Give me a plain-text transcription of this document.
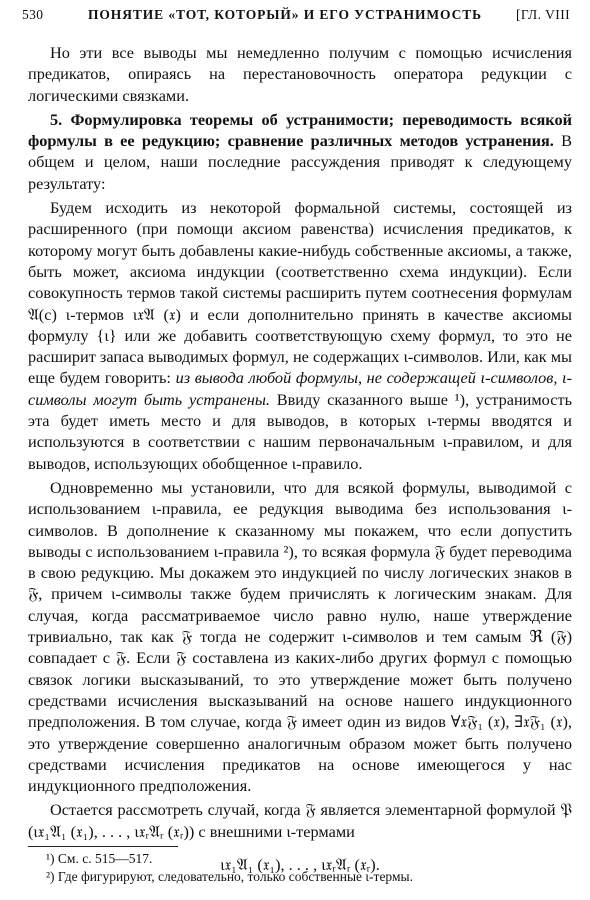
530	ПОНЯТИЕ «ТОТ, КОТОРЫЙ» И ЕГО УСТРАНИМОСТЬ	[ГЛ. VIII

Но эти все выводы мы немедленно получим с помощью исчисления предикатов, опираясь на перестановочность оператора редукции с логическими связками.

5. Формулировка теоремы об устранимости; переводимость всякой формулы в ее редукцию; сравнение различных методов устранения. В общем и целом, наши последние рассуждения приводят к следующему результату:

Будем исходить из некоторой формальной системы, состоящей из расширенного (при помощи аксиом равенства) исчисления предикатов, к которому могут быть добавлены какие-нибудь собственные аксиомы, а также, быть может, аксиома индукции (соответственно схема индукции). Если совокупность термов такой системы расширить путем соотнесения формулам 𝔄(c) ι-термов ι𝔵𝔄 (𝔵) и если дополнительно принять в качестве аксиомы формулу {ι} или же добавить соответствующую схему формул, то это не расширит запаса выводимых формул, не содержащих ι-символов. Или, как мы еще будем говорить: из вывода любой формулы, не содержащей ι-символов, ι-символы могут быть устранены. Ввиду сказанного выше ¹), устранимость эта будет иметь место и для выводов, в которых ι-термы вводятся и используются в соответствии с нашим первоначальным ι-правилом, и для выводов, использующих обобщенное ι-правило.

Одновременно мы установили, что для всякой формулы, выводимой с использованием ι-правила, ее редукция выводима без использования ι-символов. В дополнение к сказанному мы покажем, что если допустить выводы с использованием ι-правила ²), то всякая формула 𝔉 будет переводима в свою редукцию. Мы докажем это индукцией по числу логических знаков в 𝔉, причем ι-символы также будем причислять к логическим знакам. Для случая, когда рассматриваемое число равно нулю, наше утверждение тривиально, так как 𝔉 тогда не содержит ι-символов и тем самым ℜ (𝔉) совпадает с 𝔉. Если 𝔉 составлена из каких-либо других формул с помощью связок логики высказываний, то это утверждение может быть получено средствами исчисления высказываний на основе нашего индукционного предположения. В том случае, когда 𝔉 имеет один из видов ∀𝔵𝔉₁ (𝔵), ∃𝔵𝔉₁ (𝔵), это утверждение совершенно аналогичным образом может быть получено средствами исчисления предикатов на основе имеющегося у нас индукционного предположения.

Остается рассмотреть случай, когда 𝔉 является элементарной формулой 𝔓 (ι𝔵₁𝔄₁ (𝔵₁), . . . , ι𝔵ᵣ𝔄ᵣ (𝔵ᵣ)) с внешними ι-термами

ι𝔵₁𝔄₁ (𝔵₁), . . . , ι𝔵ᵣ𝔄ᵣ (𝔵ᵣ).
¹) См. с. 515—517.
²) Где фигурируют, следовательно, только собственные ι-термы.
